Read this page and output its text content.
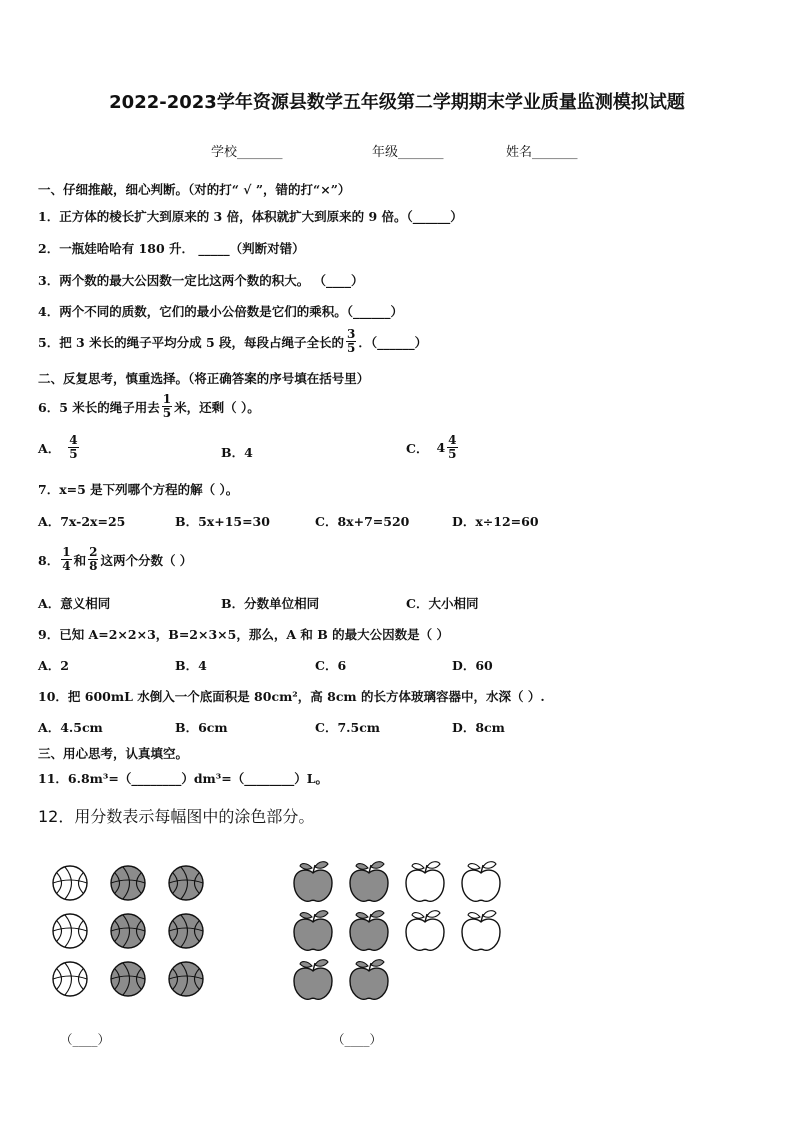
2022-2023学年资源县数学五年级第二学期期末学业质量监测模拟试题
学校_______	年级_______	姓名_______
一、仔细推敲，细心判断。（对的打“ √ ”，错的打“×”）
1．正方体的棱长扩大到原来的 3 倍，体积就扩大到原来的 9 倍。（______）
2．一瓶娃哈哈有 180 升． _____（判断对错）
3．两个数的最大公因数一定比这两个数的积大。 （____）
4．两个不同的质数，它们的最小公倍数是它们的乘积。（______）
5．把 3 米长的绳子平均分成 5 段，每段占绳子全长的 $\frac{3}{5}$ ．（______）
二、反复思考，慎重选择。（将正确答案的序号填在括号里）
6．5 米长的绳子用去 $\frac{1}{5}$ 米，还剩（ ）。
A． $\frac{4}{5}$	B．4	C． $4 \frac{4}{5}$
7．x=5 是下列哪个方程的解（ ）。
A．7x-2x=25	B．5x+15=30	C．8x+7=520	D．x÷12=60
8． $\frac{1}{4}$ 和 $\frac{2}{8}$ 这两个分数（ ）
A．意义相同	B．分数单位相同	C．大小相同
9．已知 A=2×2×3，B=2×3×5，那么，A 和 B 的最大公因数是（ ）
A．2	B．4	C．6	D．60
10．把 600mL 水倒入一个底面积是 80cm²，高 8cm 的长方体玻璃容器中，水深（ ）.
A．4.5cm	B．6cm	C．7.5cm	D．8cm
三、用心思考，认真填空。
11．6.8m³=（________）dm³=（________）L。
12．用分数表示每幅图中的涂色部分。
（____）	（____）
